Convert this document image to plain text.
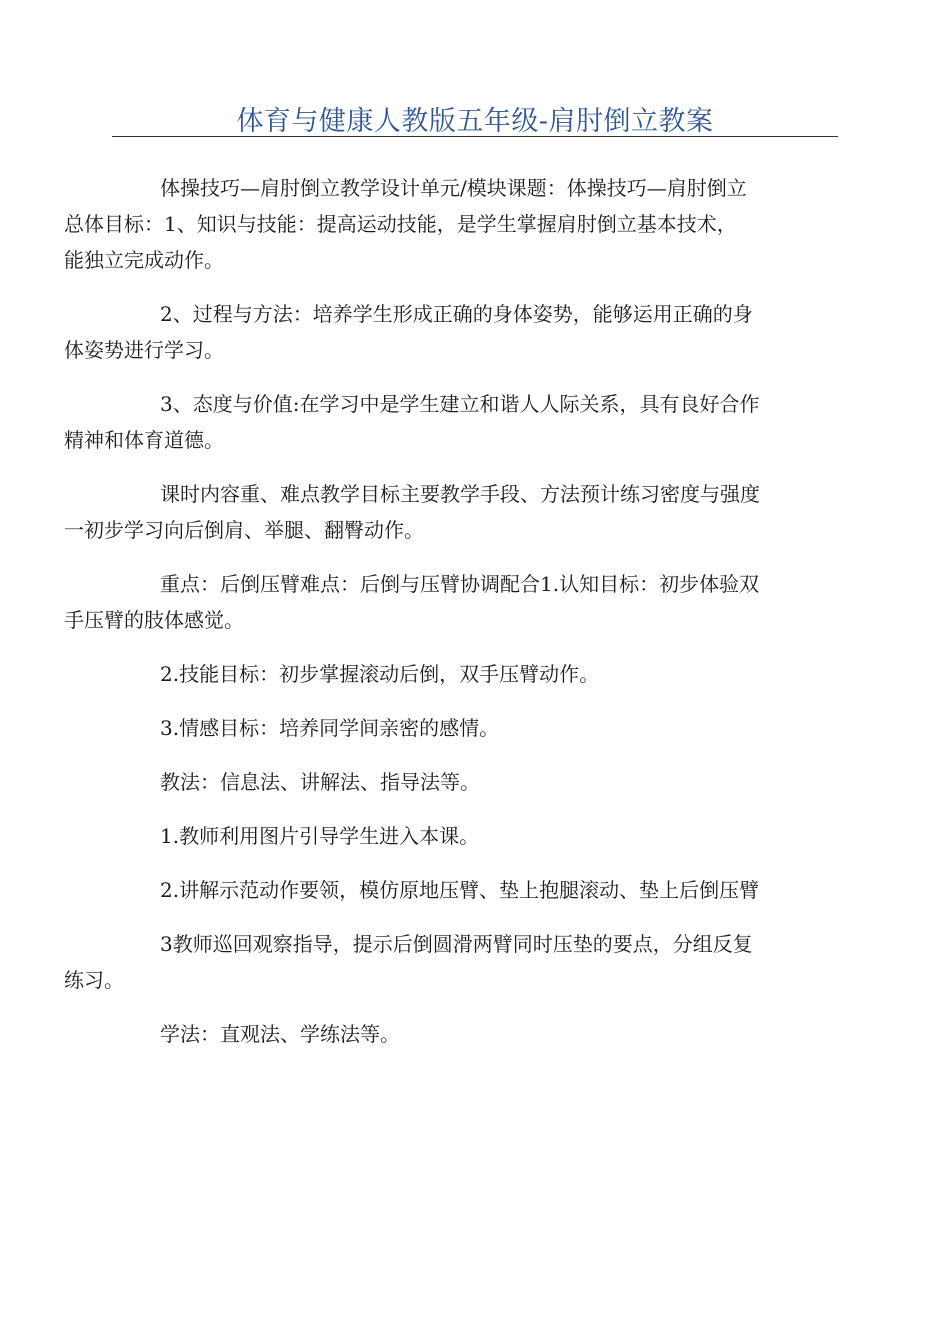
体育与健康人教版五年级-肩肘倒立教案

体操技巧—肩肘倒立教学设计单元/模块课题：体操技巧—肩肘倒立
总体目标：1、知识与技能：提高运动技能，是学生掌握肩肘倒立基本技术，
能独立完成动作。

2、过程与方法：培养学生形成正确的身体姿势，能够运用正确的身
体姿势进行学习。

3、态度与价值:在学习中是学生建立和谐人人际关系，具有良好合作
精神和体育道德。

课时内容重、难点教学目标主要教学手段、方法预计练习密度与强度
一初步学习向后倒肩、举腿、翻臀动作。

重点：后倒压臂难点：后倒与压臂协调配合1.认知目标：初步体验双
手压臂的肢体感觉。

2.技能目标：初步掌握滚动后倒，双手压臂动作。

3.情感目标：培养同学间亲密的感情。

教法：信息法、讲解法、指导法等。

1.教师利用图片引导学生进入本课。

2.讲解示范动作要领，模仿原地压臂、垫上抱腿滚动、垫上后倒压臂

3教师巡回观察指导，提示后倒圆滑两臂同时压垫的要点，分组反复
练习。

学法：直观法、学练法等。
